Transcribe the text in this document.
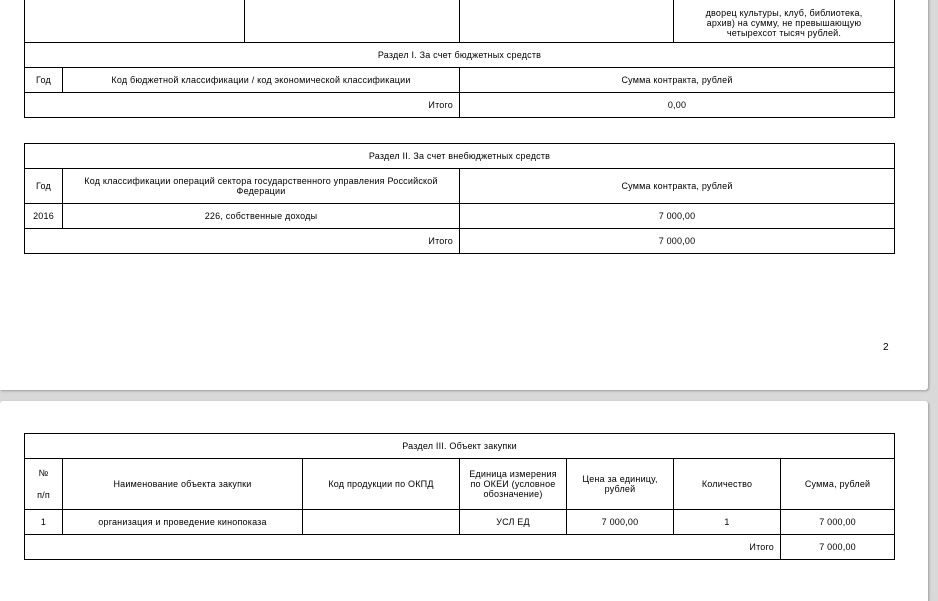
дворец культуры, клуб, библиотека,
архив) на сумму, не превышающую
четырехсот тысяч рублей.
Раздел I. За счет бюджетных средств		
Год	Код бюджетной классификации / код экономической классификации	Сумма контракта, рублей
Итого		0,00
Раздел II. За счет внебюджетных средств		
Год	Код классификации операций сектора государственного управления Российской Федерации	Сумма контракта, рублей
2016	226, собственные доходы	7 000,00
Итого		7 000,00
2
Раздел III. Объект закупки						

№
п/п	Наименование объекта закупки	Код продукции по ОКПД	Единица измерения по ОКЕИ (условное обозначение)	Цена за единицу, рублей	Количество	Сумма, рублей
1	организация и проведение кинопоказа		УСЛ ЕД	7 000,00	1	7 000,00
Итого						7 000,00
